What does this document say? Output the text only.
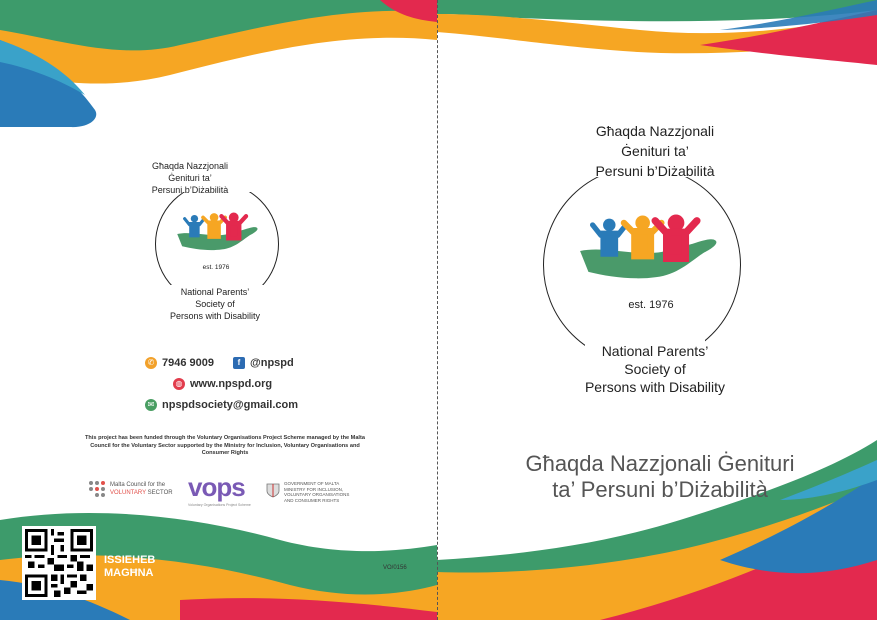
Għaqda Nazzjonali
Ġenituri ta’
Persuni b’Diżabilità
est. 1976
National Parents’
Society of
Persons with Disability
✆ 7946 9009	f @npspd
◍ www.npspd.org
✉ npspdsociety@gmail.com
This project has been funded through the Voluntary Organisations Project Scheme managed by the Malta Council for the Voluntary Sector supported by the Ministry for Inclusion, Voluntary Organisations and Consumer Rights
Malta Council for the
VOLUNTARY SECTOR vops
Voluntary Organisations Project Scheme
GOVERNMENT OF MALTA
MINISTRY FOR INCLUSION,
VOLUNTARY ORGANISATIONS
AND CONSUMER RIGHTS
ISSIEHEB
MAGĦNA	VO/0156
Għaqda Nazzjonali
Ġenituri ta’
Persuni b’Diżabilità
est. 1976
National Parents’
Society of
Persons with Disability
Għaqda Nazzjonali Ġenituri
ta’ Persuni b’Diżabilità
